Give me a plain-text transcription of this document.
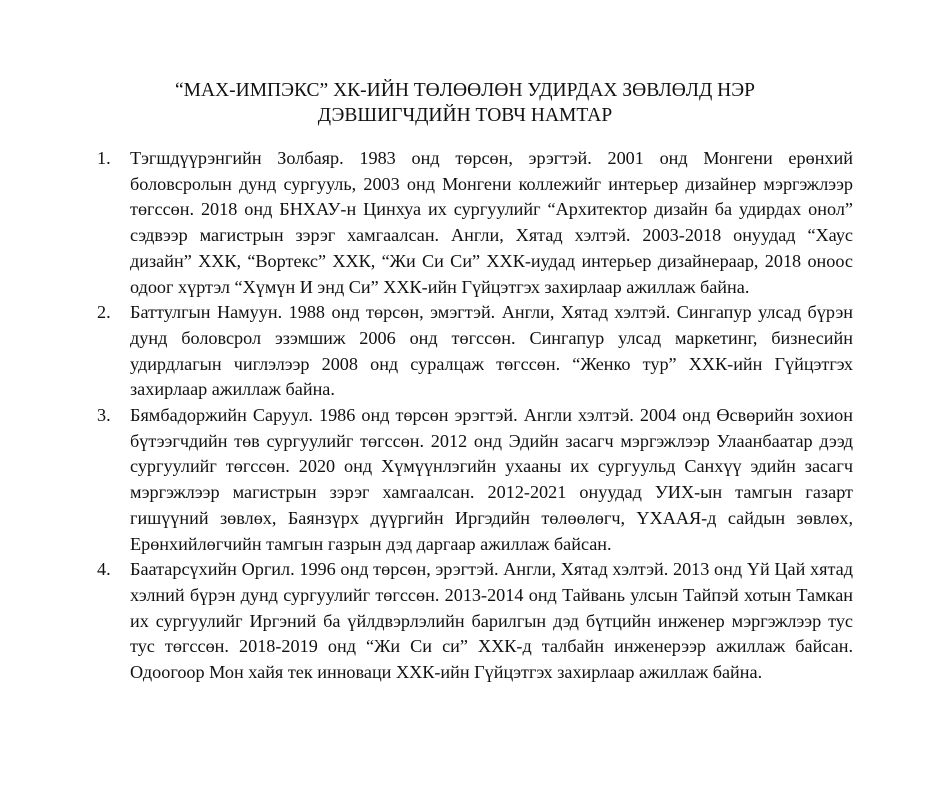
“МАХ-ИМПЭКС” ХК-ИЙН ТӨЛӨӨЛӨН УДИРДАХ ЗӨВЛӨЛД НЭР
ДЭВШИГЧДИЙН ТОВЧ НАМТАР
1. Тэгшдүүрэнгийн Золбаяр. 1983 онд төрсөн, эрэгтэй. 2001 онд Монгени ерөнхий боловсролын дунд сургууль, 2003 онд Монгени коллежийг интерьер дизайнер мэргэжлээр төгссөн. 2018 онд БНХАУ-н Цинхуа их сургуулийг “Архитектор дизайн ба удирдах онол” сэдвээр магистрын зэрэг хамгаалсан. Англи, Хятад хэлтэй. 2003-2018 онуудад “Хаус дизайн” ХХК, “Вортекс” ХХК, “Жи Си Си” ХХК-иудад интерьер дизайнераар, 2018 оноос одоог хүртэл “Хүмүн И энд Си” ХХК-ийн Гүйцэтгэх захирлаар ажиллаж байна.
2. Баттулгын Намуун. 1988 онд төрсөн, эмэгтэй. Англи, Хятад хэлтэй. Сингапур улсад бүрэн дунд боловсрол эзэмшиж 2006 онд төгссөн. Сингапур улсад маркетинг, бизнесийн удирдлагын чиглэлээр 2008 онд суралцаж төгссөн. “Женко тур” ХХК-ийн Гүйцэтгэх захирлаар ажиллаж байна.
3. Бямбадоржийн Саруул. 1986 онд төрсөн эрэгтэй. Англи хэлтэй. 2004 онд Өсвөрийн зохион бүтээгчдийн төв сургуулийг төгссөн. 2012 онд Эдийн засагч мэргэжлээр Улаанбаатар дээд сургуулийг төгссөн. 2020 онд Хүмүүнлэгийн ухааны их сургуульд Санхүү эдийн засагч мэргэжлээр магистрын зэрэг хамгаалсан. 2012-2021 онуудад УИХ-ын тамгын газарт гишүүний зөвлөх, Баянзүрх дүүргийн Иргэдийн төлөөлөгч, ҮХААЯ-д сайдын зөвлөх, Ерөнхийлөгчийн тамгын газрын дэд даргаар ажиллаж байсан.
4. Баатарсүхийн Оргил. 1996 онд төрсөн, эрэгтэй. Англи, Хятад хэлтэй. 2013 онд Үй Цай хятад хэлний бүрэн дунд сургуулийг төгссөн. 2013-2014 онд Тайвань улсын Тайпэй хотын Тамкан их сургуулийг Иргэний ба үйлдвэрлэлийн барилгын дэд бүтцийн инженер мэргэжлээр тус тус төгссөн. 2018-2019 онд “Жи Си си” ХХК-д талбайн инженерээр ажиллаж байсан. Одоогоор Мон хайя тек инноваци ХХК-ийн Гүйцэтгэх захирлаар ажиллаж байна.
